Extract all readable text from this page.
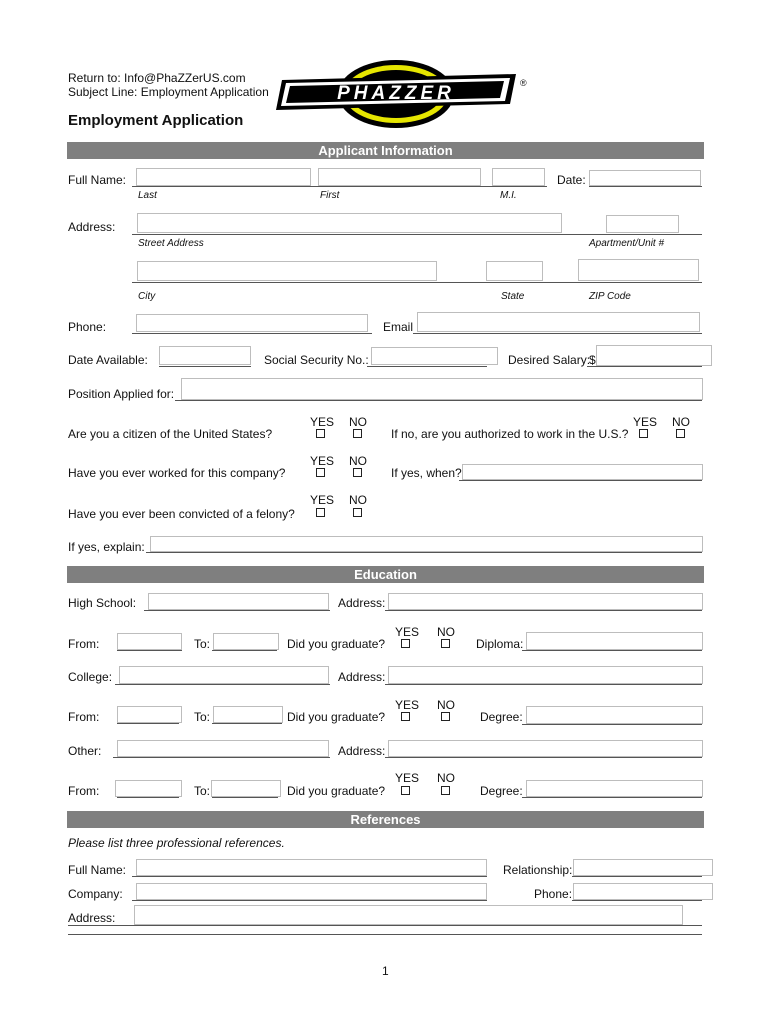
Return to: Info@PhaZZerUS.com
Subject Line: Employment Application	PHAZZER	®
Employment Application
Applicant Information
Full Name:
Last	First	M.I.
Date:
Address:
Street Address	Apartment/Unit #
City	State	ZIP Code
Phone:	Email
Date Available:	Social Security No.:	Desired Salary:
$
Position Applied for:
YES NO
Are you a citizen of the United States?
YES NO
If no, are you authorized to work in the U.S.?
YES NO
Have you ever worked for this company?	If yes, when?
YES NO
Have you ever been convicted of a felony?
If yes, explain:
Education
High School:	Address:
YES NO
From:	To:	Did you graduate?	Diploma:
College:	Address:
YES NO
From:	To:	Did you graduate?	Degree:
Other:	Address:
YES NO
From:	To:	Did you graduate?	Degree:
References
Please list three professional references.
Full Name:	Relationship:
Company:	Phone:
Address:
1
